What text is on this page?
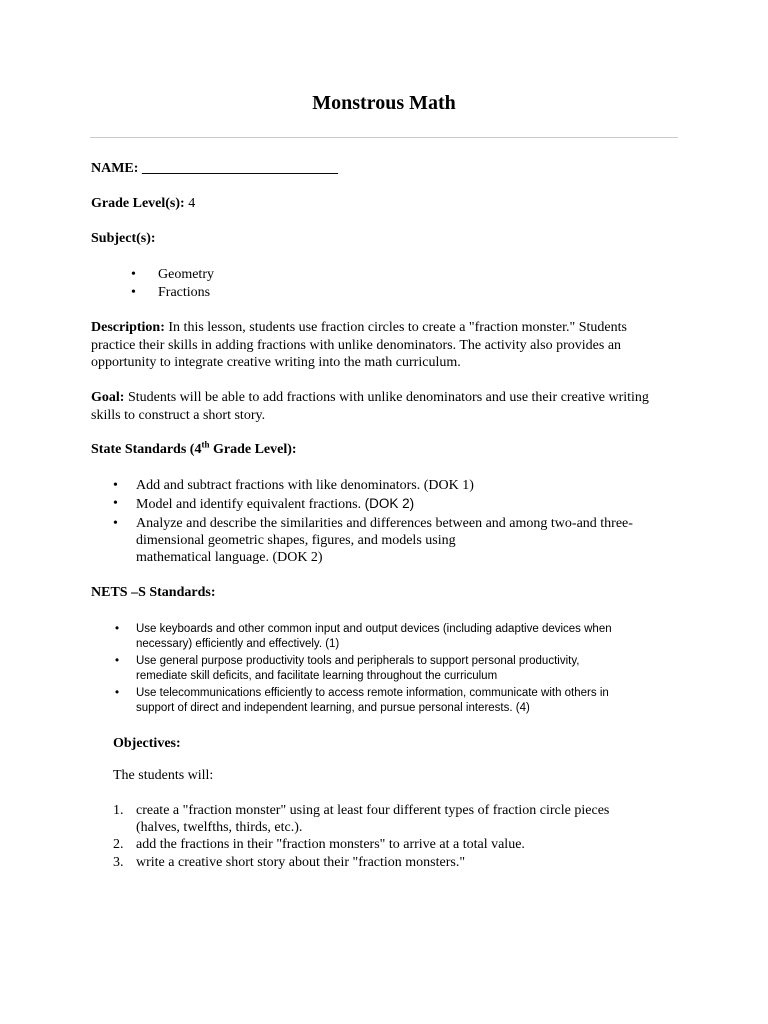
Monstrous Math
NAME: ____________________________
Grade Level(s): 4
Subject(s):
• Geometry
• Fractions
Description: In this lesson, students use fraction circles to create a "fraction monster." Students practice their skills in adding fractions with unlike denominators. The activity also provides an opportunity to integrate creative writing into the math curriculum.
Goal: Students will be able to add fractions with unlike denominators and use their creative writing skills to construct a short story.
State Standards (4th Grade Level):
• Add and subtract fractions with like denominators. (DOK 1)
• Model and identify equivalent fractions. (DOK 2)
• Analyze and describe the similarities and differences between and among two-and three-
dimensional geometric shapes, figures, and models using
mathematical language. (DOK 2)
NETS –S Standards:
• Use keyboards and other common input and output devices (including adaptive devices when
necessary) efficiently and effectively. (1)
• Use general purpose productivity tools and peripherals to support personal productivity,
remediate skill deficits, and facilitate learning throughout the curriculum
• Use telecommunications efficiently to access remote information, communicate with others in
support of direct and independent learning, and pursue personal interests. (4)
Objectives:
The students will:
1. create a "fraction monster" using at least four different types of fraction circle pieces
(halves, twelfths, thirds, etc.).
2. add the fractions in their "fraction monsters" to arrive at a total value.
3. write a creative short story about their "fraction monsters."
